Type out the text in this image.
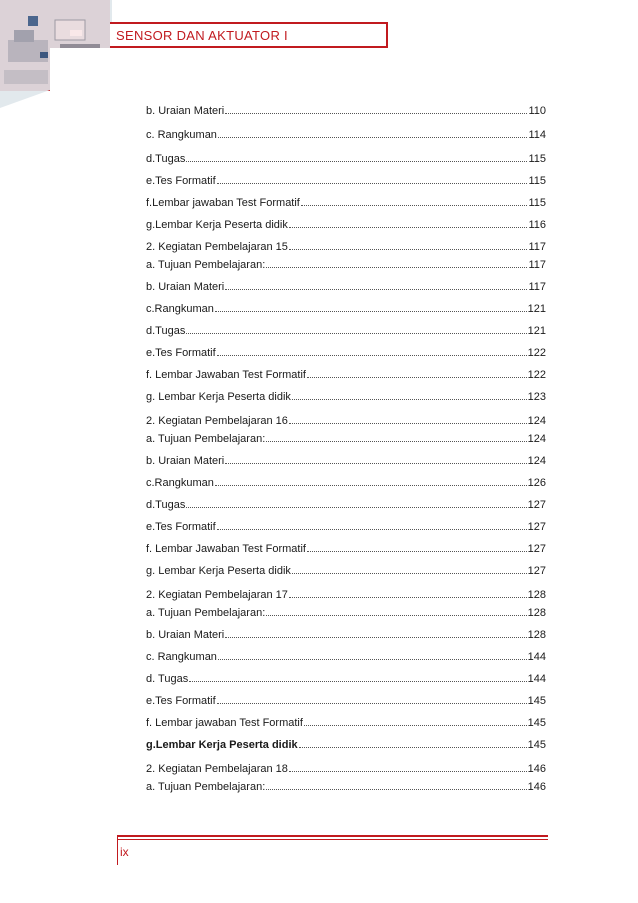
SENSOR DAN AKTUATOR I
b. Uraian Materi	110
c. Rangkuman	114
d.Tugas	115
e.Tes Formatif	115
f.Lembar jawaban Test Formatif	115
g.Lembar Kerja Peserta didik	116
2. Kegiatan Pembelajaran 15	117
a. Tujuan Pembelajaran:	117
b. Uraian Materi	117
c.Rangkuman	121
d.Tugas	121
e.Tes Formatif	122
f. Lembar Jawaban Test Formatif	122
g. Lembar Kerja Peserta didik	123
2. Kegiatan Pembelajaran 16	124
a. Tujuan Pembelajaran:	124
b. Uraian Materi	124
c.Rangkuman	126
d.Tugas	127
e.Tes Formatif	127
f. Lembar Jawaban Test Formatif	127
g. Lembar Kerja Peserta didik	127
2. Kegiatan Pembelajaran 17	128
a. Tujuan Pembelajaran:	128
b. Uraian Materi	128
c. Rangkuman	144
d. Tugas	144
e.Tes Formatif	145
f. Lembar jawaban Test Formatif	145
g.Lembar Kerja Peserta didik	145
2. Kegiatan Pembelajaran 18	146
a. Tujuan Pembelajaran:	146
ix
